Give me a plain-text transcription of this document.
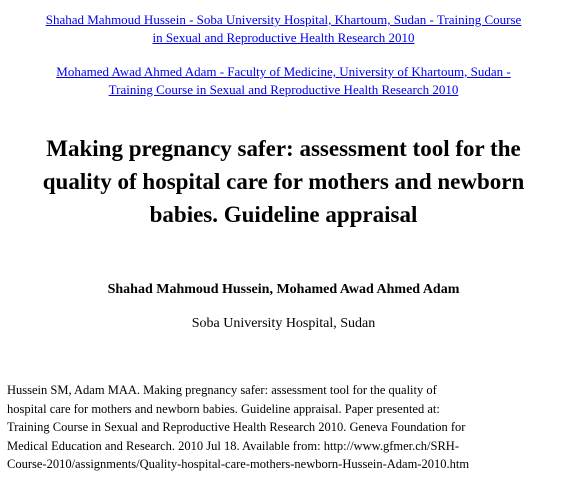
Shahad Mahmoud Hussein - Soba University Hospital, Khartoum, Sudan - Training Course
in Sexual and Reproductive Health Research 2010
Mohamed Awad Ahmed Adam - Faculty of Medicine, University of Khartoum, Sudan -
Training Course in Sexual and Reproductive Health Research 2010
Making pregnancy safer: assessment tool for the
quality of hospital care for mothers and newborn
babies. Guideline appraisal
Shahad Mahmoud Hussein, Mohamed Awad Ahmed Adam
Soba University Hospital, Sudan
Hussein SM, Adam MAA. Making pregnancy safer: assessment tool for the quality of
hospital care for mothers and newborn babies. Guideline appraisal. Paper presented at:
Training Course in Sexual and Reproductive Health Research 2010. Geneva Foundation for
Medical Education and Research. 2010 Jul 18. Available from: http://www.gfmer.ch/SRH-
Course-2010/assignments/Quality-hospital-care-mothers-newborn-Hussein-Adam-2010.htm
